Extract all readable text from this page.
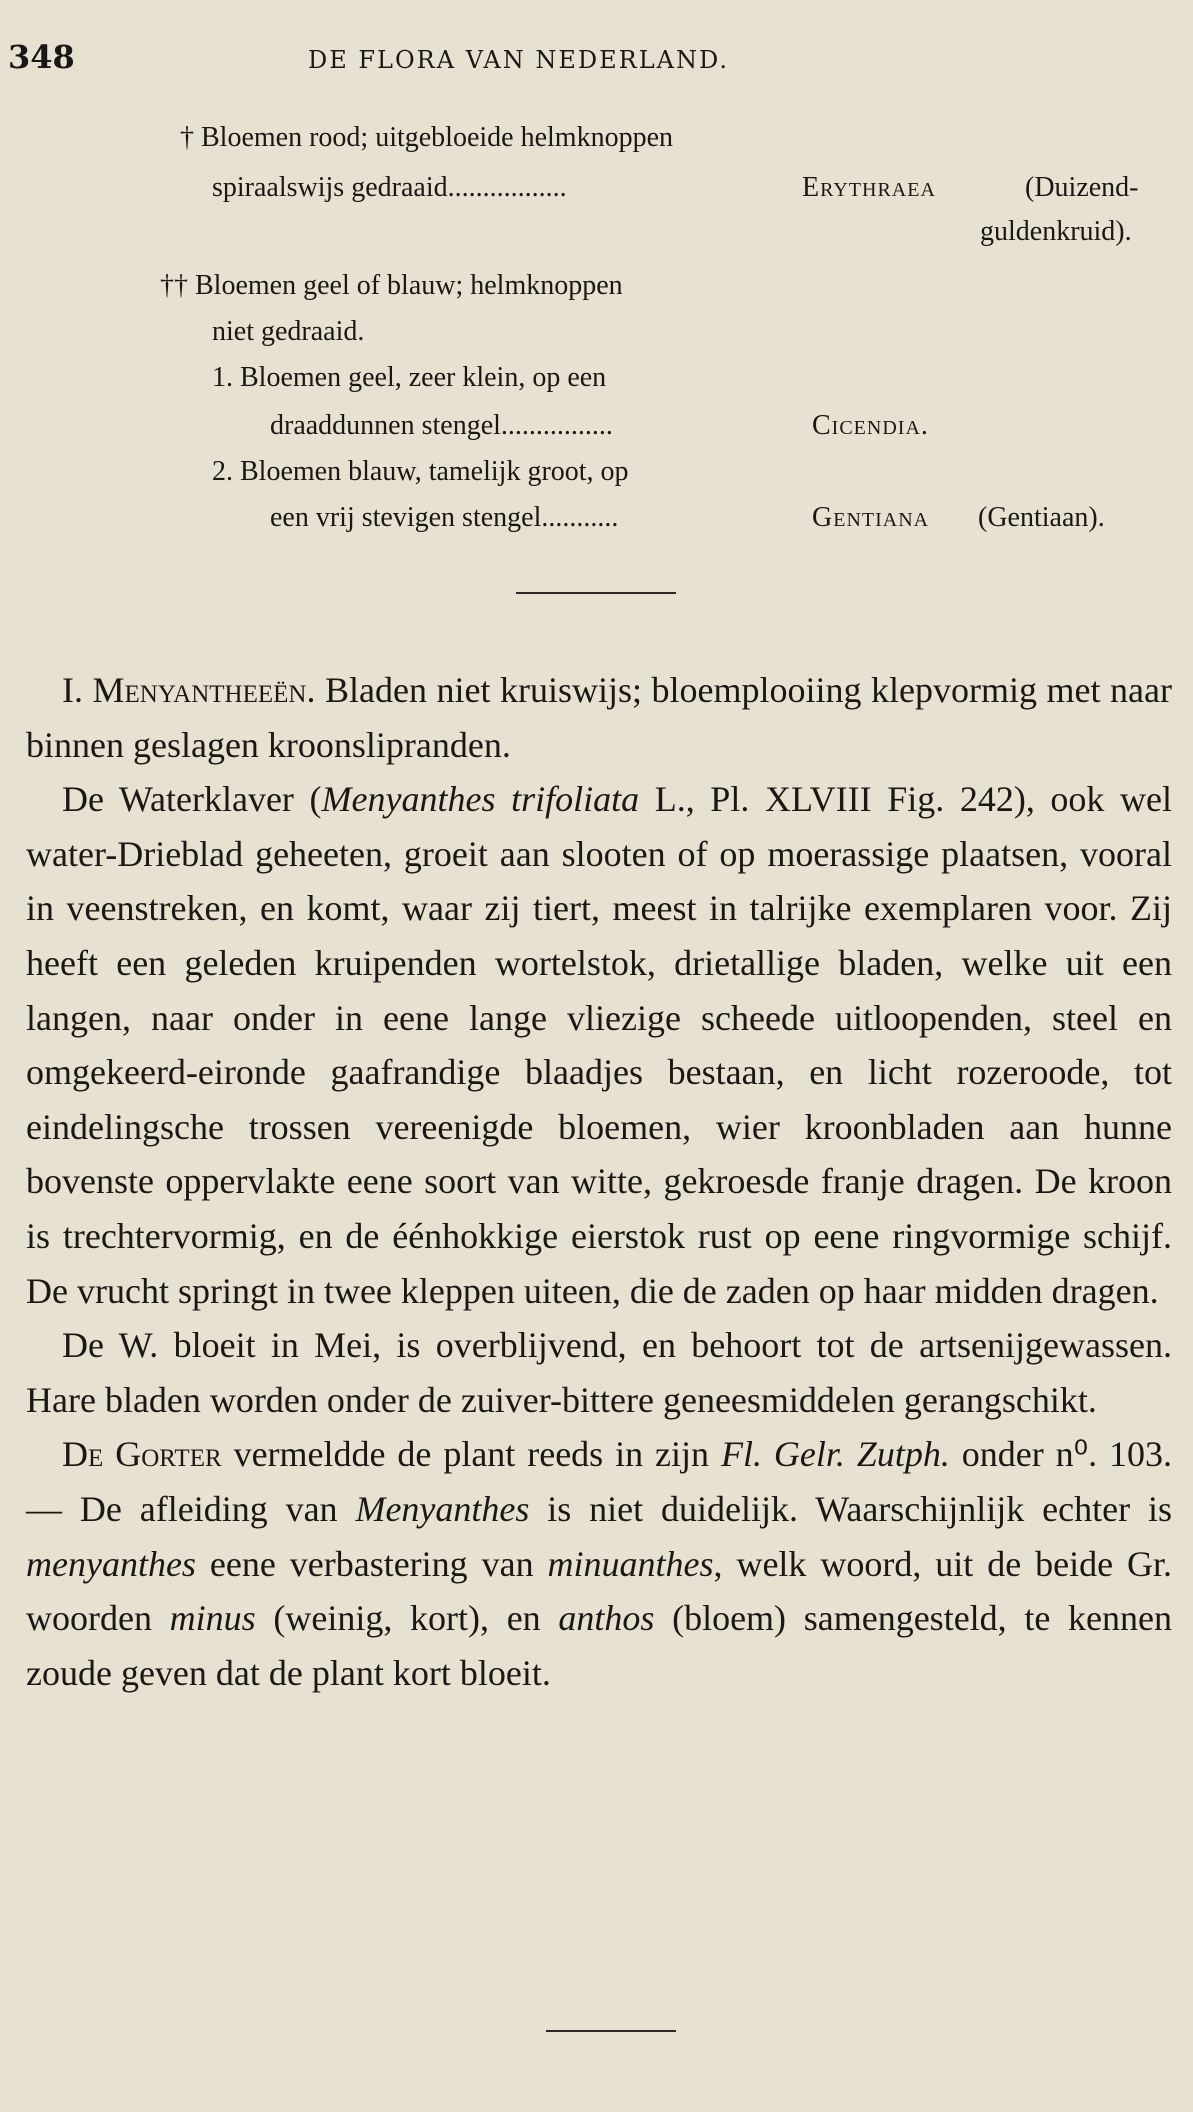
348	DE FLORA VAN NEDERLAND.
† Bloemen rood; uitgebloeide helmknoppen
spiraalswijs gedraaid.................	Erythraea	(Duizend-
guldenkruid).
†† Bloemen geel of blauw; helmknoppen
niet gedraaid.
1. Bloemen geel, zeer klein, op een
draaddunnen stengel................	Cicendia.
2. Bloemen blauw, tamelijk groot, op
een vrij stevigen stengel...........	Gentiana (Gentiaan).

I. Menyantheeën. Bladen niet kruiswijs; bloemplooiing klepvormig met naar binnen geslagen kroonslipranden.

De Waterklaver (Menyanthes trifoliata L., Pl. XLVIII Fig. 242), ook wel water-Drieblad geheeten, groeit aan slooten of op moerassige plaatsen, vooral in veenstreken, en komt, waar zij tiert, meest in talrijke exemplaren voor. Zij heeft een geleden kruipenden wortelstok, drietallige bladen, welke uit een langen, naar onder in eene lange vliezige scheede uitloopenden, steel en omgekeerd-eironde gaafrandige blaadjes bestaan, en licht rozeroode, tot eindelingsche trossen vereenigde bloemen, wier kroonbladen aan hunne bovenste oppervlakte eene soort van witte, gekroesde franje dragen. De kroon is trechtervormig, en de éénhokkige eierstok rust op eene ringvormige schijf. De vrucht springt in twee kleppen uiteen, die de zaden op haar midden dragen.

De W. bloeit in Mei, is overblijvend, en behoort tot de artsenijgewassen. Hare bladen worden onder de zuiver-bittere geneesmiddelen gerangschikt.

De Gorter vermeldde de plant reeds in zijn Fl. Gelr. Zutph. onder n⁰. 103. — De afleiding van Menyanthes is niet duidelijk. Waarschijnlijk echter is menyanthes eene verbastering van minuanthes, welk woord, uit de beide Gr. woorden minus (weinig, kort), en anthos (bloem) samengesteld, te kennen zoude geven dat de plant kort bloeit.
